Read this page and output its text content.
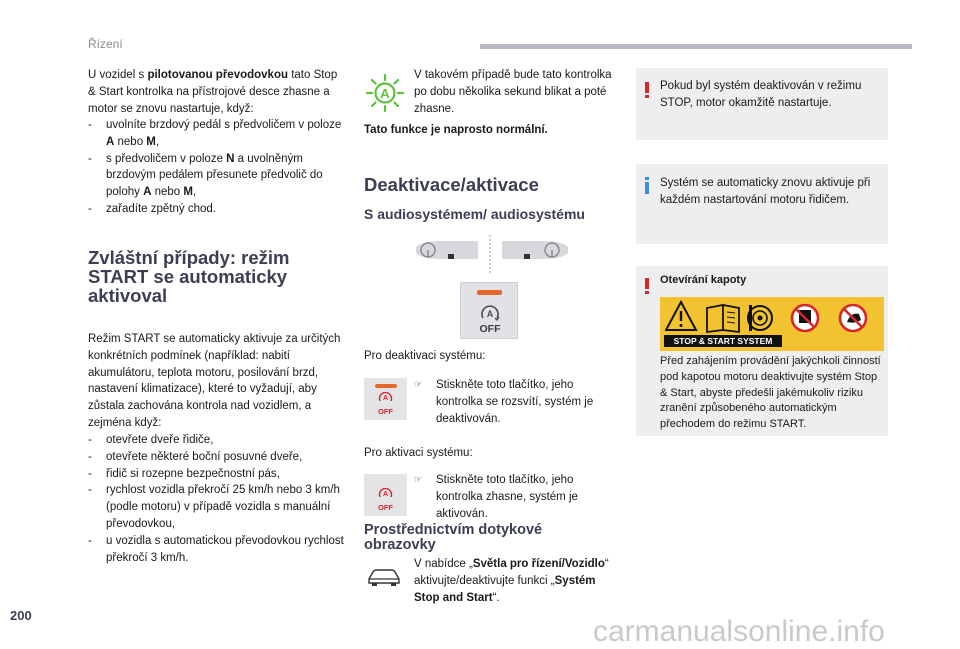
Řízení
U vozidel s pilotovanou převodovkou tato Stop & Start kontrolka na přístrojové desce zhasne a motor se znovu nastartuje, když:
- uvolníte brzdový pedál s předvoličem v poloze A nebo M,
- s předvoličem v poloze N a uvolněným brzdovým pedálem přesunete předvolič do polohy A nebo M,
- zařadíte zpětný chod.
Zvláštní případy: režim
START se automaticky
aktivoval
Režim START se automaticky aktivuje za určitých konkrétních podmínek (například: nabití akumulátoru, teplota motoru, posilování brzd, nastavení klimatizace), které to vyžadují, aby zůstala zachována kontrola nad vozidlem, a zejména když:
- otevřete dveře řidiče,
- otevřete některé boční posuvné dveře,
- řidič si rozepne bezpečnostní pás,
- rychlost vozidla překročí 25 km/h nebo 3 km/h (podle motoru) v případě vozidla s manuální převodovkou,
- u vozidla s automatickou převodovkou rychlost překročí 3 km/h.
A
V takovém případě bude tato kontrolka po dobu několika sekund blikat a poté zhasne.
Tato funkce je naprosto normální.
Deaktivace/aktivace
S audiosystémem/ audiosystému
A
OFF
Pro deaktivaci systému:
A
OFF
☞	Stiskněte toto tlačítko, jeho kontrolka se rozsvítí, systém je deaktivován.
Pro aktivaci systému:
A
OFF
☞	Stiskněte toto tlačítko, jeho kontrolka zhasne, systém je aktivován.
Prostřednictvím dotykové
obrazovky
V nabídce „Světla pro řízení/Vozidlo“ aktivujte/deaktivujte funkci „Systém Stop and Start“.
Pokud byl systém deaktivován v režimu STOP, motor okamžitě nastartuje.
Systém se automaticky znovu aktivuje při každém nastartování motoru řidičem.
Otevírání kapoty
STOP & START SYSTEM
Před zahájením provádění jakýchkoli činností pod kapotou motoru deaktivujte systém Stop & Start, abyste předešli jakémukoliv riziku zranění způsobeného automatickým přechodem do režimu START.
200	carmanualsonline.info
